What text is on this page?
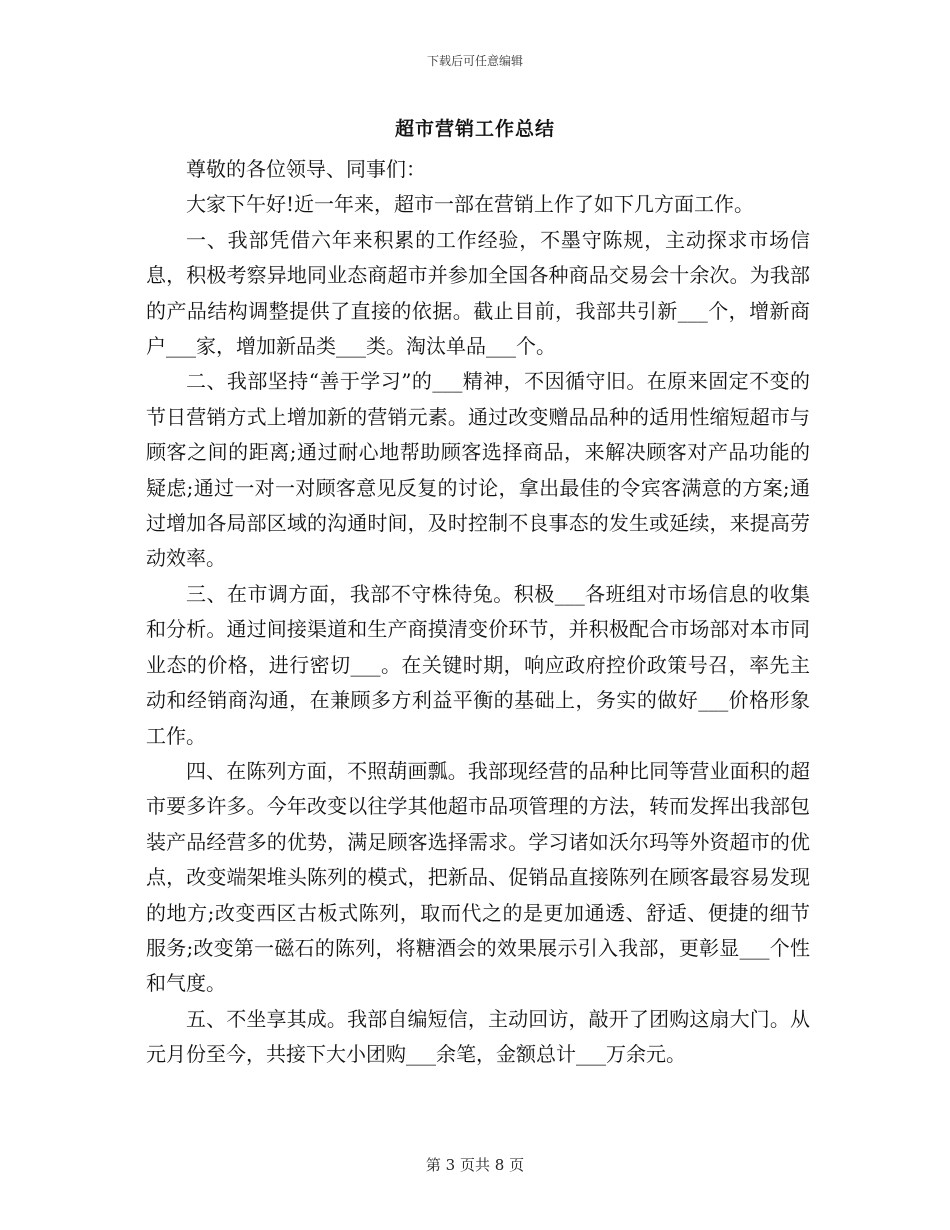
下载后可任意编辑
超市营销工作总结

尊敬的各位领导、同事们：

大家下午好!近一年来，超市一部在营销上作了如下几方面工作。

一、我部凭借六年来积累的工作经验，不墨守陈规，主动探求市场信息，积极考察异地同业态商超市并参加全国各种商品交易会十余次。为我部的产品结构调整提供了直接的依据。截止目前，我部共引新___个，增新商户___家，增加新品类___类。淘汰单品___个。

二、我部坚持“善于学习”的___精神，不因循守旧。在原来固定不变的节日营销方式上增加新的营销元素。通过改变赠品品种的适用性缩短超市与顾客之间的距离;通过耐心地帮助顾客选择商品，来解决顾客对产品功能的疑虑;通过一对一对顾客意见反复的讨论，拿出最佳的令宾客满意的方案;通过增加各局部区域的沟通时间，及时控制不良事态的发生或延续，来提高劳动效率。

三、在市调方面，我部不守株待兔。积极___各班组对市场信息的收集和分析。通过间接渠道和生产商摸清变价环节，并积极配合市场部对本市同业态的价格，进行密切___。在关键时期，响应政府控价政策号召，率先主动和经销商沟通，在兼顾多方利益平衡的基础上，务实的做好___价格形象工作。

四、在陈列方面，不照葫画瓢。我部现经营的品种比同等营业面积的超市要多许多。今年改变以往学其他超市品项管理的方法，转而发挥出我部包装产品经营多的优势，满足顾客选择需求。学习诸如沃尔玛等外资超市的优点，改变端架堆头陈列的模式，把新品、促销品直接陈列在顾客最容易发现的地方;改变西区古板式陈列，取而代之的是更加通透、舒适、便捷的细节服务;改变第一磁石的陈列，将糖酒会的效果展示引入我部，更彰显___个性和气度。

五、不坐享其成。我部自编短信，主动回访，敲开了团购这扇大门。从元月份至今，共接下大小团购___余笔，金额总计___万余元。

第 3 页共 8 页
